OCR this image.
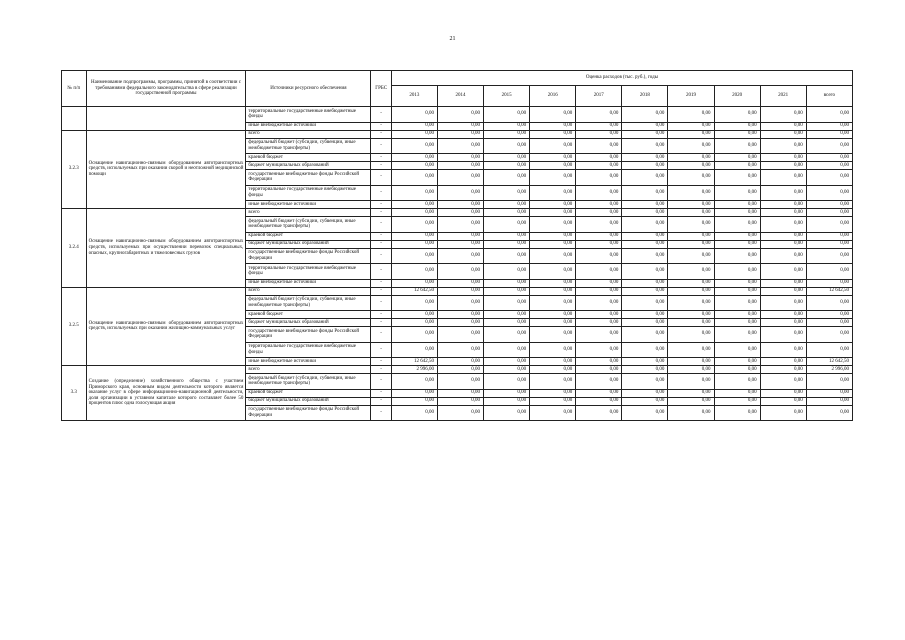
21
№ п/п	Наименование подпрограммы, программы, принятой в соответствии с требованиями федерального законодательства в сфере реализации государственной программы	Источники ресурсного обеспечения	ГРБС	Оценка расходов (тыс. руб.), годы									
				2013	2014	2015	2016	2017	2018	2019	2020	2021	всего
		территориальные государственные внебюджетные фонды	-	0,00	0,00	0,00	0,00	0,00	0,00	0,00	0,00	0,00	0,00
		иные внебюджетные источники	-	0,00	0,00	0,00	0,00	0,00	0,00	0,00	0,00	0,00	0,00
3.2.3	Оснащение навигационно-связным оборудованием автотранспортных средств, используемых при оказании скорой и неотложной медицинской помощи	всего	-	0,00	0,00	0,00	0,00	0,00	0,00	0,00	0,00	0,00	0,00
		федеральный бюджет (субсидии, субвенции, иные межбюджетные трансферты)	-	0,00	0,00	0,00	0,00	0,00	0,00	0,00	0,00	0,00	0,00
		краевой бюджет	-	0,00	0,00	0,00	0,00	0,00	0,00	0,00	0,00	0,00	0,00
		бюджет муниципальных образований	-	0,00	0,00	0,00	0,00	0,00	0,00	0,00	0,00	0,00	0,00
		государственные внебюджетные фонды Российской Федерации	-	0,00	0,00	0,00	0,00	0,00	0,00	0,00	0,00	0,00	0,00
		территориальные государственные внебюджетные фонды	-	0,00	0,00	0,00	0,00	0,00	0,00	0,00	0,00	0,00	0,00
		иные внебюджетные источники	-	0,00	0,00	0,00	0,00	0,00	0,00	0,00	0,00	0,00	0,00
3.2.4	Оснащение навигационно-связным оборудованием автотранспортных средств, используемых при осуществлении перевозок специальных, опасных, крупногабаритных и тяжеловесных грузов	всего	-	0,00	0,00	0,00	0,00	0,00	0,00	0,00	0,00	0,00	0,00
		федеральный бюджет (субсидии, субвенции, иные межбюджетные трансферты)	-	0,00	0,00	0,00	0,00	0,00	0,00	0,00	0,00	0,00	0,00
		краевой бюджет	-	0,00	0,00	0,00	0,00	0,00	0,00	0,00	0,00	0,00	0,00
		бюджет муниципальных образований	-	0,00	0,00	0,00	0,00	0,00	0,00	0,00	0,00	0,00	0,00
		государственные внебюджетные фонды Российской Федерации	-	0,00	0,00	0,00	0,00	0,00	0,00	0,00	0,00	0,00	0,00
		территориальные государственные внебюджетные фонды	-	0,00	0,00	0,00	0,00	0,00	0,00	0,00	0,00	0,00	0,00
		иные внебюджетные источники	-	0,00	0,00	0,00	0,00	0,00	0,00	0,00	0,00	0,00	0,00
3.2.5	Оснащение навигационно-связным оборудованием автотранспортных средств, используемых при оказании жилищно-коммунальных услуг	всего	-	12 642,50	0,00	0,00	0,00	0,00	0,00	0,00	0,00	0,00	12 642,50
		федеральный бюджет (субсидии, субвенции, иные межбюджетные трансферты)	-	0,00	0,00	0,00	0,00	0,00	0,00	0,00	0,00	0,00	0,00
		краевой бюджет	-	0,00	0,00	0,00	0,00	0,00	0,00	0,00	0,00	0,00	0,00
		бюджет муниципальных образований	-	0,00	0,00	0,00	0,00	0,00	0,00	0,00	0,00	0,00	0,00
		государственные внебюджетные фонды Российской Федерации	-	0,00	0,00	0,00	0,00	0,00	0,00	0,00	0,00	0,00	0,00
		территориальные государственные внебюджетные фонды	-	0,00	0,00	0,00	0,00	0,00	0,00	0,00	0,00	0,00	0,00
		иные внебюджетные источники	-	12 642,50	0,00	0,00	0,00	0,00	0,00	0,00	0,00	0,00	12 642,50
3.3	Создание (определение) хозяйственного общества с участием Приморского края, основным видом деятельности которого является оказание услуг в сфере информационно-навигационной деятельности, доля организации в уставном капитале которого составляет более 50 процентов плюс одна голосующая акция	всего	-	2 996,00	0,00	0,00	0,00	0,00	0,00	0,00	0,00	0,00	2 996,00
		федеральный бюджет (субсидии, субвенции, иные межбюджетные трансферты)	-	0,00	0,00	0,00	0,00	0,00	0,00	0,00	0,00	0,00	0,00
		краевой бюджет	-	0,00	0,00	0,00	0,00	0,00	0,00	0,00	0,00	0,00	0,00
		бюджет муниципальных образований	-	0,00	0,00	0,00	0,00	0,00	0,00	0,00	0,00	0,00	0,00
		государственные внебюджетные фонды Российской Федерации	-	0,00	0,00	0,00	0,00	0,00	0,00	0,00	0,00	0,00	0,00
